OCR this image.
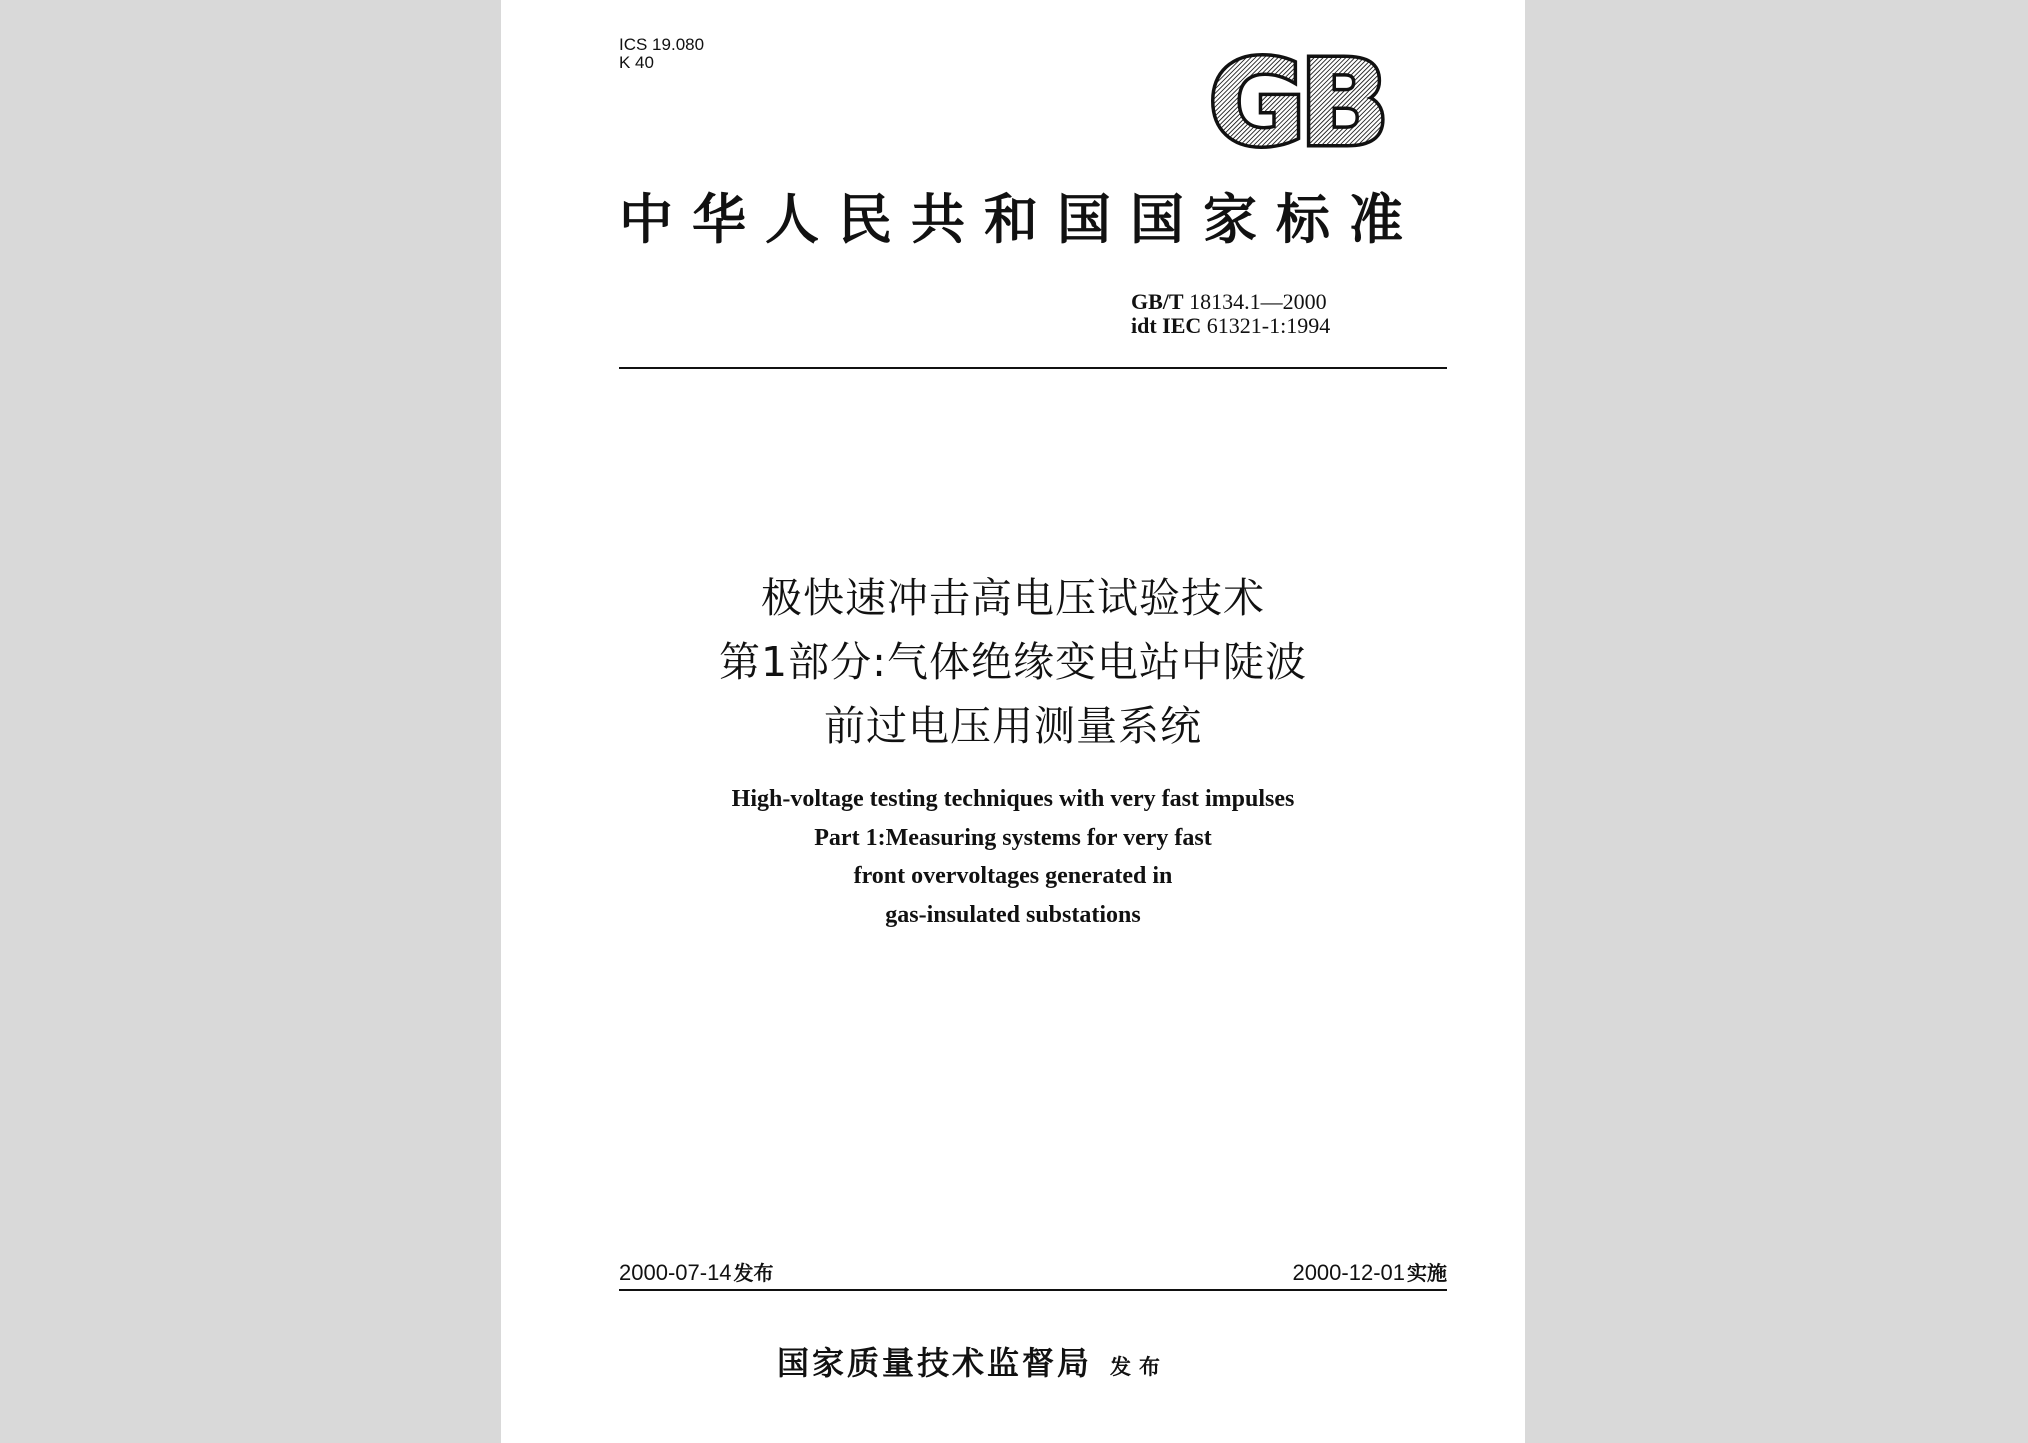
ICS 19.080
K 40	GB
中华人民共和国国家标准
GB/T 18134.1—2000
idt IEC 61321-1:1994
极快速冲击高电压试验技术
第1部分:气体绝缘变电站中陡波
前过电压用测量系统
High-voltage testing techniques with very fast impulses
Part 1:Measuring systems for very fast
front overvoltages generated in
gas-insulated substations
2000-07-14 发布	2000-12-01 实施
国家质量技术监督局 发布
